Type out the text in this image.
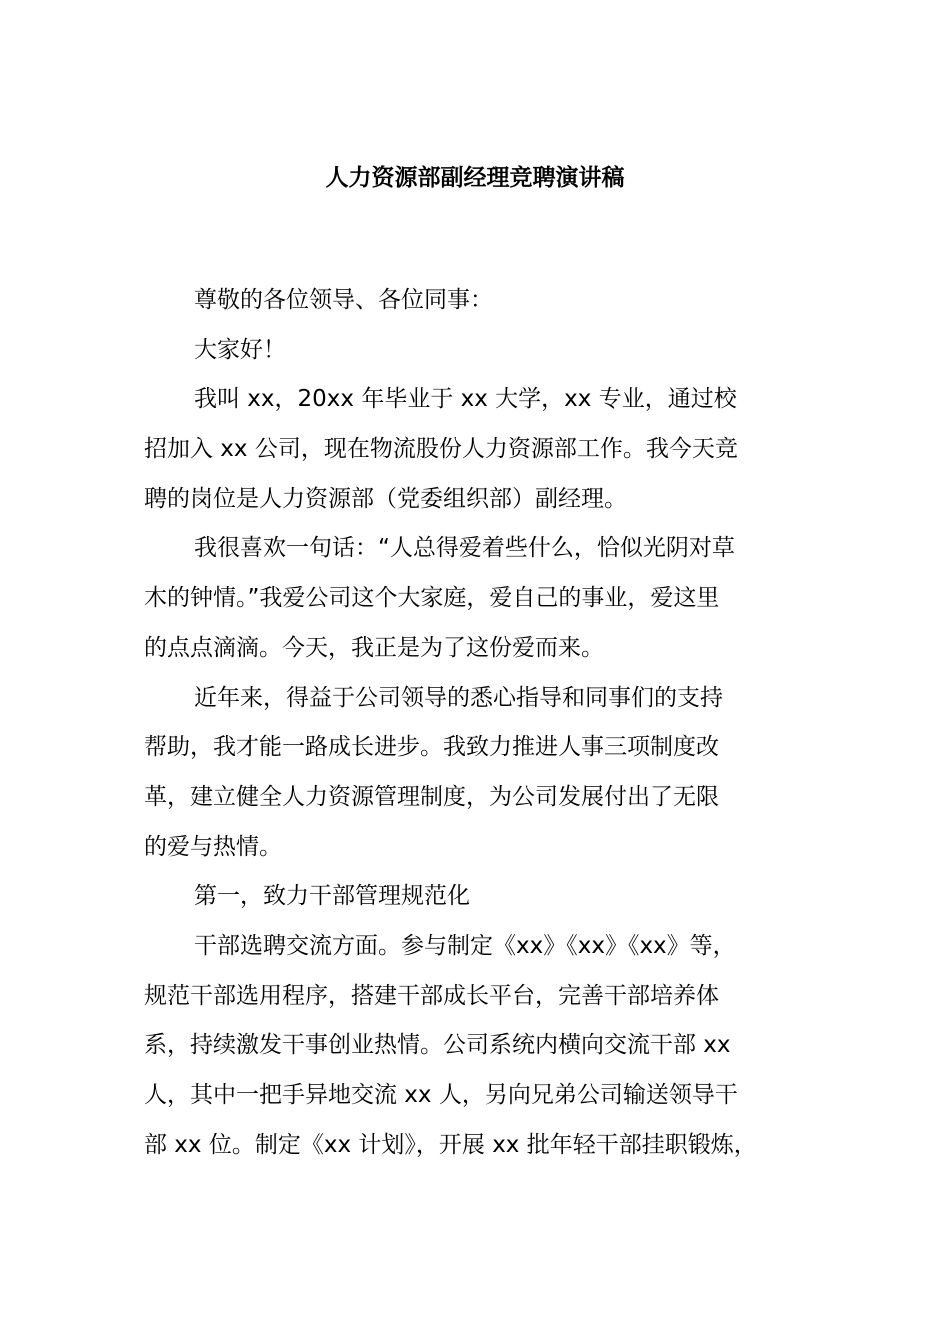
人力资源部副经理竞聘演讲稿
尊敬的各位领导、各位同事：
大家好！
我叫 xx，20xx 年毕业于 xx 大学，xx 专业，通过校
招加入 xx 公司，现在物流股份人力资源部工作。我今天竞
聘的岗位是人力资源部（党委组织部）副经理。
我很喜欢一句话：“人总得爱着些什么，恰似光阴对草
木的钟情。”我爱公司这个大家庭，爱自己的事业，爱这里
的点点滴滴。今天，我正是为了这份爱而来。
近年来，得益于公司领导的悉心指导和同事们的支持
帮助，我才能一路成长进步。我致力推进人事三项制度改
革，建立健全人力资源管理制度，为公司发展付出了无限
的爱与热情。
第一，致力干部管理规范化
干部选聘交流方面。参与制定《xx》《xx》《xx》等，
规范干部选用程序，搭建干部成长平台，完善干部培养体
系，持续激发干事创业热情。公司系统内横向交流干部 xx
人，其中一把手异地交流 xx 人，另向兄弟公司输送领导干
部 xx 位。制定《xx 计划》，开展 xx 批年轻干部挂职锻炼，
